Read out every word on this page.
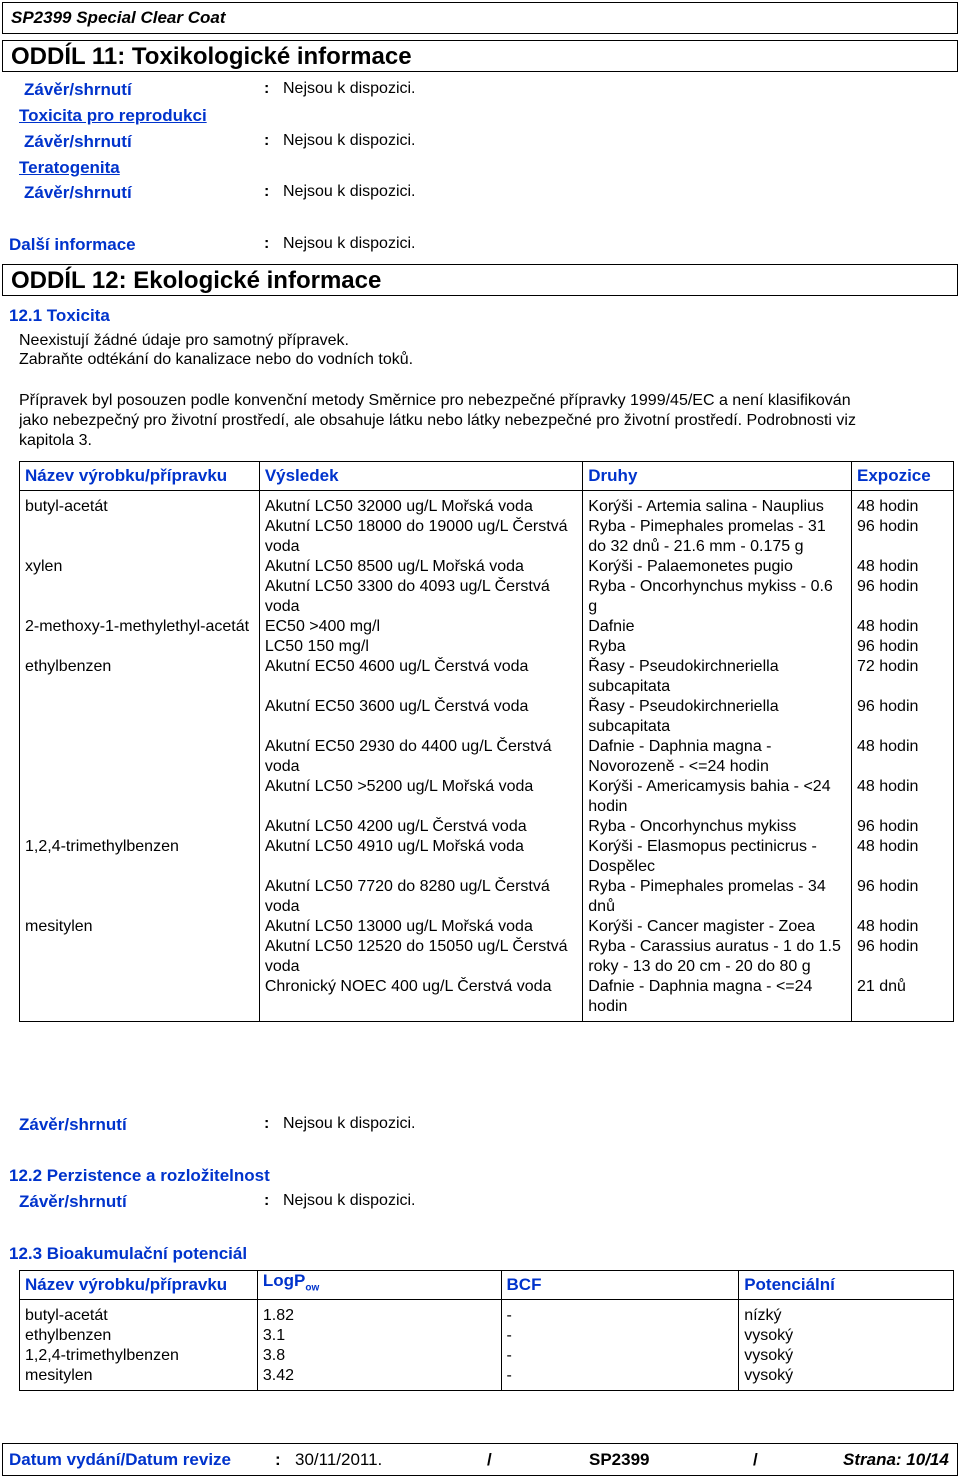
SP2399 Special Clear Coat
ODDÍL 11: Toxikologické informace
Závěr/shrnutí	: Nejsou k dispozici.
Toxicita pro reprodukci
Závěr/shrnutí	: Nejsou k dispozici.
Teratogenita
Závěr/shrnutí	: Nejsou k dispozici.
Další informace	: Nejsou k dispozici.
ODDÍL 12: Ekologické informace
12.1 Toxicita
Neexistují žádné údaje pro samotný přípravek.
Zabraňte odtékání do kanalizace nebo do vodních toků.
Přípravek byl posouzen podle konvenční metody Směrnice pro nebezpečné přípravky 1999/45/EC a není klasifikován
jako nebezpečný pro životní prostředí, ale obsahuje látku nebo látky nebezpečné pro životní prostředí. Podrobnosti viz
kapitola 3.
Název výrobku/přípravku	Výsledek	Druhy	Expozice
butyl-acetát	Akutní LC50 32000 ug/L Mořská voda	Korýši - Artemia salina - Nauplius	48 hodin
	Akutní LC50 18000 do 19000 ug/L Čerstvá voda	Ryba - Pimephales promelas - 31 do 32 dnů - 21.6 mm - 0.175 g	96 hodin
xylen	Akutní LC50 8500 ug/L Mořská voda	Korýši - Palaemonetes pugio	48 hodin
	Akutní LC50 3300 do 4093 ug/L Čerstvá voda	Ryba - Oncorhynchus mykiss - 0.6 g	96 hodin
2-methoxy-1-methylethyl-acetát	EC50 >400 mg/l	Dafnie	48 hodin
	LC50 150 mg/l	Ryba	96 hodin
ethylbenzen	Akutní EC50 4600 ug/L Čerstvá voda	Řasy - Pseudokirchneriella subcapitata	72 hodin
	Akutní EC50 3600 ug/L Čerstvá voda	Řasy - Pseudokirchneriella subcapitata	96 hodin
	Akutní EC50 2930 do 4400 ug/L Čerstvá voda	Dafnie - Daphnia magna - Novorozeně - <=24 hodin	48 hodin
	Akutní LC50 >5200 ug/L Mořská voda	Korýši - Americamysis bahia - <24 hodin	48 hodin
	Akutní LC50 4200 ug/L Čerstvá voda	Ryba - Oncorhynchus mykiss	96 hodin
1,2,4-trimethylbenzen	Akutní LC50 4910 ug/L Mořská voda	Korýši - Elasmopus pectinicrus - Dospělec	48 hodin
	Akutní LC50 7720 do 8280 ug/L Čerstvá voda	Ryba - Pimephales promelas - 34 dnů	96 hodin
mesitylen	Akutní LC50 13000 ug/L Mořská voda	Korýši - Cancer magister - Zoea	48 hodin
	Akutní LC50 12520 do 15050 ug/L Čerstvá voda	Ryba - Carassius auratus - 1 do 1.5 roky - 13 do 20 cm - 20 do 80 g	96 hodin
	Chronický NOEC 400 ug/L Čerstvá voda	Dafnie - Daphnia magna - <=24 hodin	21 dnů
Závěr/shrnutí	: Nejsou k dispozici.
12.2 Perzistence a rozložitelnost
Závěr/shrnutí	: Nejsou k dispozici.
12.3 Bioakumulační potenciál
Název výrobku/přípravku	LogP$_{ow}$	BCF	Potenciální
butyl-acetát	1.82	-	nízký
ethylbenzen	3.1	-	vysoký
1,2,4-trimethylbenzen	3.8	-	vysoký
mesitylen	3.42	-	vysoký
Datum vydání/Datum revize	: 30/11/2011.	/	SP2399	/	Strana: 10/14
